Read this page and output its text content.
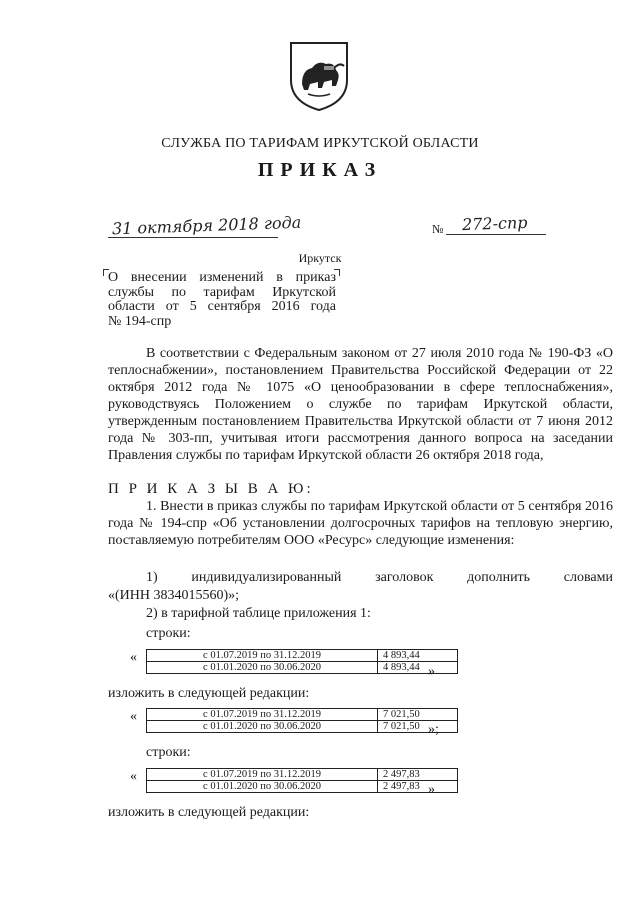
СЛУЖБА ПО ТАРИФАМ ИРКУТСКОЙ ОБЛАСТИ
ПРИКАЗ
31 октября 2018 года	№ 272-спр
Иркутск
О внесении изменений в приказ
службы по тарифам Иркутской
области от 5 сентября 2016 года
№ 194-спр
В соответствии с Федеральным законом от 27 июля 2010 года № 190-ФЗ «О теплоснабжении», постановлением Правительства Российской Федерации от 22 октября 2012 года № 1075 «О ценообразовании в сфере теплоснабжения», руководствуясь Положением о службе по тарифам Иркутской области, утвержденным постановлением Правительства Иркутской области от 7 июня 2012 года № 303-пп, учитывая итоги рассмотрения данного вопроса на заседании Правления службы по тарифам Иркутской области 26 октября 2018 года,
П Р И К А З Ы В А Ю:
1. Внести в приказ службы по тарифам Иркутской области от 5 сентября 2016 года № 194-спр «Об установлении долгосрочных тарифов на тепловую энергию, поставляемую потребителям ООО «Ресурс» следующие изменения:
1) индивидуализированный заголовок дополнить словами
«(ИНН 3834015560)»;
2) в тарифной таблице приложения 1:
строки:
«	с 01.07.2019 по 31.12.2019	4 893,44
с 01.01.2020 по 30.06.2020	4 893,44 »
изложить в следующей редакции:
«	с 01.07.2019 по 31.12.2019	7 021,50
с 01.01.2020 по 30.06.2020	7 021,50 »;
строки:
«	с 01.07.2019 по 31.12.2019	2 497,83
с 01.01.2020 по 30.06.2020	2 497,83 »
изложить в следующей редакции:
